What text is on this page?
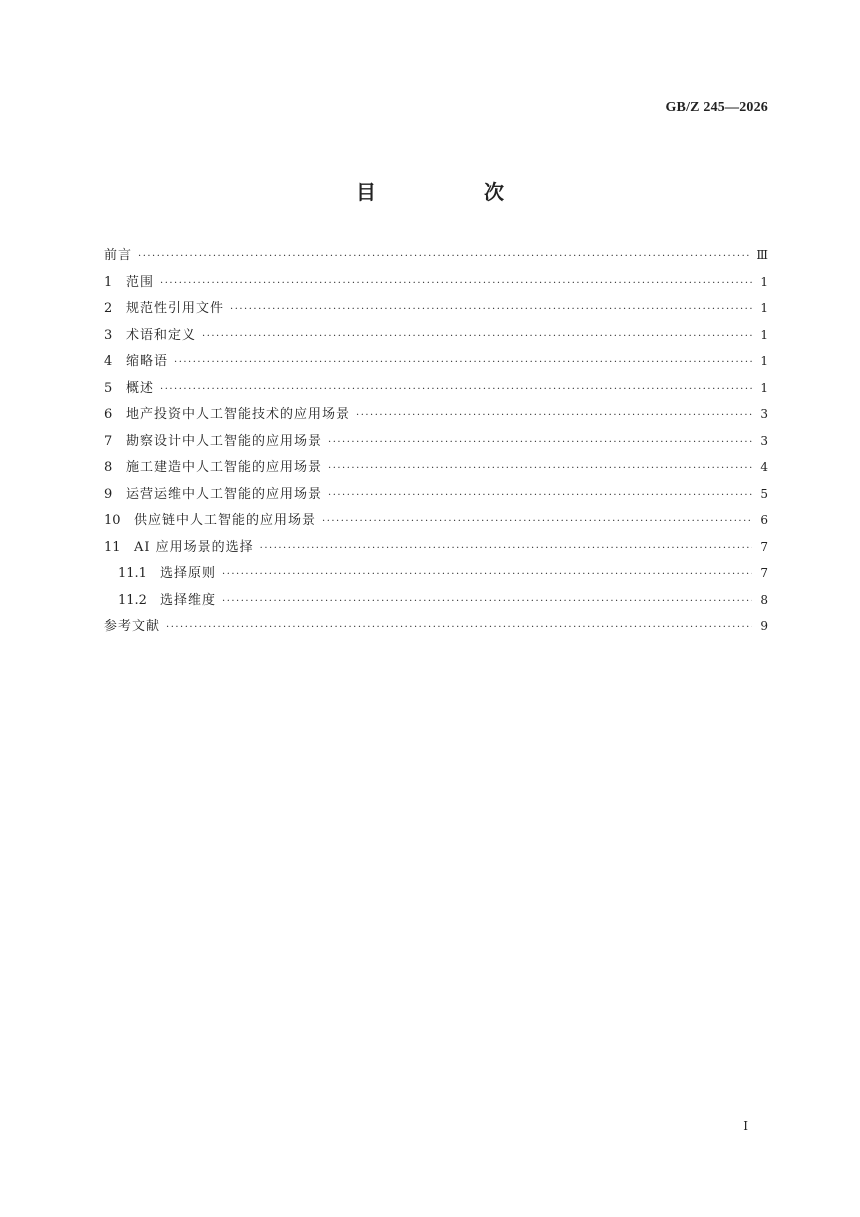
GB/Z 245—2026
目　次
前言 ·····	Ⅲ
1 范围 ·····	1
2 规范性引用文件 ·····	1
3 术语和定义 ·····	1
4 缩略语 ·····	1
5 概述 ·····	1
6 地产投资中人工智能技术的应用场景 ·····	3
7 勘察设计中人工智能的应用场景 ·····	3
8 施工建造中人工智能的应用场景 ·····	4
9 运营运维中人工智能的应用场景 ·····	5
10 供应链中人工智能的应用场景 ·····	6
11 AI 应用场景的选择 ·····	7
11.1 选择原则 ·····	7
11.2 选择维度 ·····	8
参考文献 ·····	9
I
